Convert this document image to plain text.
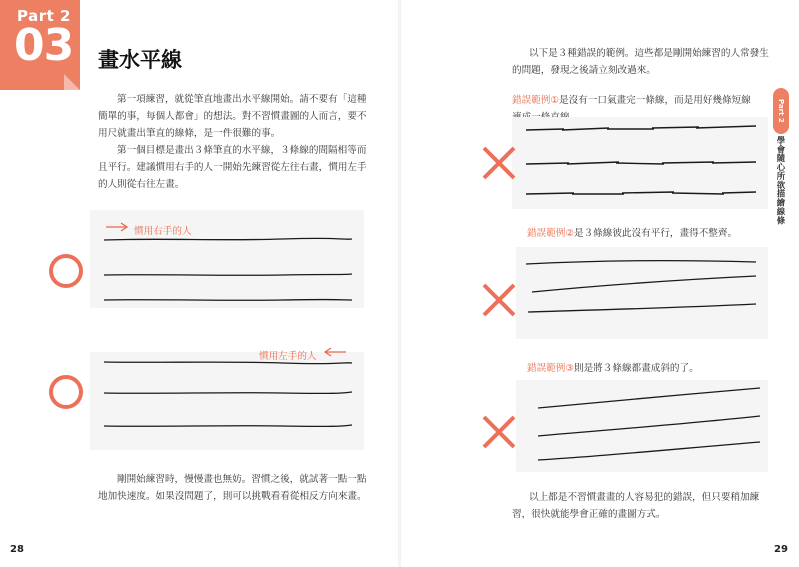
Part 2
03 畫水平線

第一項練習，就從筆直地畫出水平線開始。請不要有「這種簡單的事，每個人都會」的想法。對不習慣畫圖的人而言，要不用尺就畫出筆直的線條，是一件很難的事。

第一個目標是畫出３條筆直的水平線，３條線的間隔相等而且平行。建議慣用右手的人一開始先練習從左往右畫，慣用左手的人則從右往左畫。

慣用右手的人
慣用左手的人

剛開始練習時，慢慢畫也無妨。習慣之後，就試著一點一點地加快速度。如果沒問題了，則可以挑戰看看從相反方向來畫。

28

以下是３種錯誤的範例。這些都是剛開始練習的人常發生的問題，發現之後請立刻改過來。

錯誤範例①是沒有一口氣畫完一條線，而是用好幾條短線

錯誤範例②是３條線彼此沒有平行，畫得不整齊。

錯誤範例③則是將３條線都畫成斜的了。

以上都是不習慣畫畫的人容易犯的錯誤，但只要稍加練習，很快就能學會正確的畫圖方式。

Part 2
學會隨心所欲描繪線條
29
